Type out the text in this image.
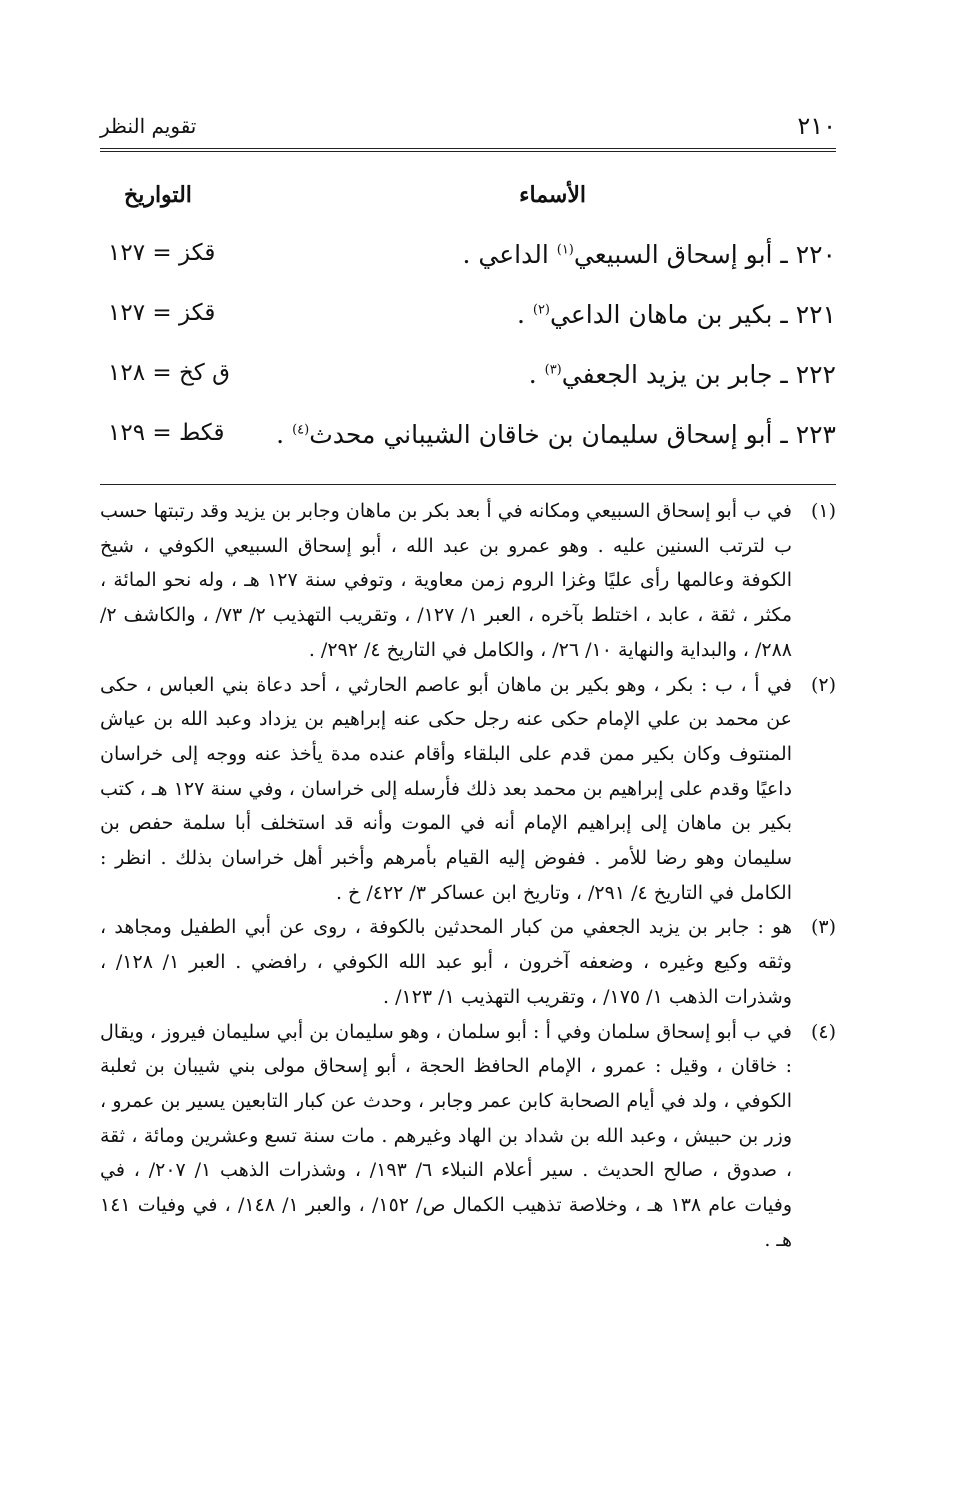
٢١٠
تقويم النظر
الأسماء
التواريخ
٢٢٠ ـ أبو إسحاق السبيعي$^{(١)}$ الداعي .
قكز = ١٢٧
٢٢١ ـ بكير بن ماهان الداعي$^{(٢)}$ .
قكز = ١٢٧
٢٢٢ ـ جابر بن يزيد الجعفي$^{(٣)}$ .
ق كخ = ١٢٨
٢٢٣ ـ أبو إسحاق سليمان بن خاقان الشيباني محدث$^{(٤)}$ .
قكط = ١٢٩
(١)
في ب أبو إسحاق السبيعي ومكانه في أ بعد بكر بن ماهان وجابر بن يزيد وقد رتبتها حسب ب لترتب السنين عليه . وهو عمرو بن عبد الله ، أبو إسحاق السبيعي الكوفي ، شيخ الكوفة وعالمها رأى عليًا وغزا الروم زمن معاوية ، وتوفي سنة ١٢٧ هـ ، وله نحو المائة ، مكثر ، ثقة ، عابد ، اختلط بآخره ، العبر ١/ ١٢٧/ ، وتقريب التهذيب ٢/ ٧٣/ ، والكاشف ٢/ ٢٨٨/ ، والبداية والنهاية ١٠/ ٢٦/ ، والكامل في التاريخ ٤/ ٢٩٢/ .
(٢)
في أ ، ب : بكر ، وهو بكير بن ماهان أبو عاصم الحارثي ، أحد دعاة بني العباس ، حكى عن محمد بن علي الإمام حكى عنه رجل حكى عنه إبراهيم بن يزداد وعبد الله بن عياش المنتوف وكان بكير ممن قدم على البلقاء وأقام عنده مدة يأخذ عنه ووجه إلى خراسان داعيًا وقدم على إبراهيم بن محمد بعد ذلك فأرسله إلى خراسان ، وفي سنة ١٢٧ هـ ، كتب بكير بن ماهان إلى إبراهيم الإمام أنه في الموت وأنه قد استخلف أبا سلمة حفص بن سليمان وهو رضا للأمر . ففوض إليه القيام بأمرهم وأخبر أهل خراسان بذلك . انظر : الكامل في التاريخ ٤/ ٢٩١/ ، وتاريخ ابن عساكر ٣/ ٤٢٢/ خ .
(٣)
هو : جابر بن يزيد الجعفي من كبار المحدثين بالكوفة ، روى عن أبي الطفيل ومجاهد ، وثقه وكيع وغيره ، وضعفه آخرون ، أبو عبد الله الكوفي ، رافضي . العبر ١/ ١٢٨/ ، وشذرات الذهب ١/ ١٧٥/ ، وتقريب التهذيب ١/ ١٢٣/ .
(٤)
في ب أبو إسحاق سلمان وفي أ : أبو سلمان ، وهو سليمان بن أبي سليمان فيروز ، ويقال : خاقان ، وقيل : عمرو ، الإمام الحافظ الحجة ، أبو إسحاق مولى بني شيبان بن ثعلبة الكوفي ، ولد في أيام الصحابة كابن عمر وجابر ، وحدث عن كبار التابعين يسير بن عمرو ، وزر بن حبيش ، وعبد الله بن شداد بن الهاد وغيرهم . مات سنة تسع وعشرين ومائة ، ثقة ، صدوق ، صالح الحديث . سير أعلام النبلاء ٦/ ١٩٣/ ، وشذرات الذهب ١/ ٢٠٧/ ، في وفيات عام ١٣٨ هـ ، وخلاصة تذهيب الكمال ص/ ١٥٢/ ، والعبر ١/ ١٤٨/ ، في وفيات ١٤١ هـ .
